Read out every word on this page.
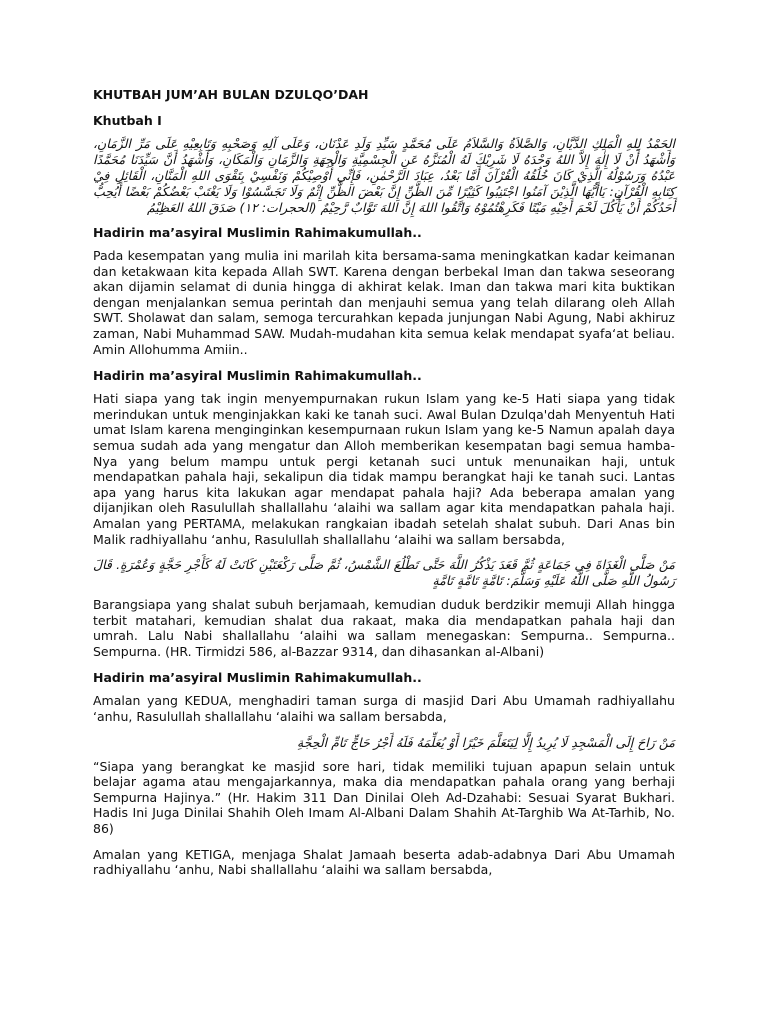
KHUTBAH JUM’AH BULAN DZULQO’DAH
Khutbah I
الحَمْدُ لِلهِ الْمَلِكِ الدَّيَّانِ، وَالصَّلاَةُ وَالسَّلاَمُ عَلَى مُحَمَّدٍ سَيِّدِ وَلَدِ عَدْنَان، وَعَلَى آلِهِ وَصَحْبِهِ وَتَابِعِيْهِ عَلَى مَرِّ الزَّمَانِ، وَأَشْهَدُ أَنْ لَا إِلٰهَ إِلاَّ اللهُ وَحْدَهُ لَا شَرِيْكَ لَهُ الْمُنَزَّهُ عَنِ الْجِسْمِيَّةِ وَالْجِهَةِ وَالزَّمَانِ وَالْمَكَانِ، وَأَشْهَدُ أَنَّ سَيِّدَنَا مُحَمَّدًا عَبْدُهُ وَرَسُوْلُهُ الَّذِيْ كَانَ خُلُقُهُ الْقُرْآنَ أَمَّا بَعْدُ، عِبَادَ الرَّحْمٰنِ، فَإِنِّي أُوْصِيْكُمْ وَنَفْسِيْ بِتَقْوَى اللهِ الْمَنَّانِ، الْقَائِلِ فِيْ كِتَابِهِ الْقُرْآنِ: يَاأَيُّهَا الَّذِيْنَ آمَنُوا اجْتَنِبُوا كَثِيْرًا مِّنَ الظَّنِّ إِنَّ بَعْضَ الظَّنِّ إِثْمٌ وَلَا تَجَسَّسُوْا وَلَا يَغْتَبْ بَعْضُكُمْ بَعْضًا أَيُحِبُّ أَحَدُكُمْ أَنْ يَأْكُلَ لَحْمَ أَخِيْهِ مَيْتًا فَكَرِهْتُمُوْهُ وَاتَّقُوا اللهَ إِنَّ اللهَ تَوَّابٌ رَّحِيْمٌ (الحجرات: ١٢) صَدَقَ اللهُ العَظِيْمُ
Hadirin ma’asyiral Muslimin Rahimakumullah..
Pada kesempatan yang mulia ini marilah kita bersama-sama meningkatkan kadar keimanan dan ketakwaan kita kepada Allah SWT. Karena dengan berbekal Iman dan takwa seseorang akan dijamin selamat di dunia hingga di akhirat kelak. Iman dan takwa mari kita buktikan dengan menjalankan semua perintah dan menjauhi semua yang telah dilarang oleh Allah SWT. Sholawat dan salam, semoga tercurahkan kepada junjungan Nabi Agung, Nabi akhiruz zaman, Nabi Muhammad SAW. Mudah-mudahan kita semua kelak mendapat syafa‘at beliau. Amin Allohumma Amiin..
Hadirin ma’asyiral Muslimin Rahimakumullah..
Hati siapa yang tak ingin menyempurnakan rukun Islam yang ke-5 Hati siapa yang tidak merindukan untuk menginjakkan kaki ke tanah suci. Awal Bulan Dzulqa'dah Menyentuh Hati umat Islam karena menginginkan kesempurnaan rukun Islam yang ke-5 Namun apalah daya semua sudah ada yang mengatur dan Alloh memberikan kesempatan bagi semua hamba-Nya yang belum mampu untuk pergi ketanah suci untuk menunaikan haji, untuk mendapatkan pahala haji, sekalipun dia tidak mampu berangkat haji ke tanah suci. Lantas apa yang harus kita lakukan agar mendapat pahala haji? Ada beberapa amalan yang dijanjikan oleh Rasulullah shallallahu ‘alaihi wa sallam agar kita mendapatkan pahala haji. Amalan yang PERTAMA, melakukan rangkaian ibadah setelah shalat subuh. Dari Anas bin Malik radhiyallahu ‘anhu, Rasulullah shallallahu ‘alaihi wa sallam bersabda,
مَنْ صَلَّى الْغَدَاةَ فِي جَمَاعَةٍ ثُمَّ قَعَدَ يَذْكُرُ اللَّهَ حَتَّى تَطْلُعَ الشَّمْسُ، ثُمَّ صَلَّى رَكْعَتَيْنِ كَانَتْ لَهُ كَأَجْرِ حَجَّةٍ وَعُمْرَةٍ. قَالَ رَسُولُ اللَّهِ صَلَّى اللَّهُ عَلَيْهِ وَسَلَّمَ: تَامَّةٍ تَامَّةٍ تَامَّةٍ
Barangsiapa yang shalat subuh berjamaah, kemudian duduk berdzikir memuji Allah hingga terbit matahari, kemudian shalat dua rakaat, maka dia mendapatkan pahala haji dan umrah. Lalu Nabi shallallahu ‘alaihi wa sallam menegaskan: Sempurna.. Sempurna.. Sempurna. (HR. Tirmidzi 586, al-Bazzar 9314, dan dihasankan al-Albani)
Hadirin ma’asyiral Muslimin Rahimakumullah..
Amalan yang KEDUA, menghadiri taman surga di masjid Dari Abu Umamah radhiyallahu ‘anhu, Rasulullah shallallahu ‘alaihi wa sallam bersabda,
مَنْ رَاحَ إِلَى الْمَسْجِدِ لَا يُرِيدُ إِلَّا لِيَتَعَلَّمَ خَيْرًا أَوْ يُعَلِّمَهُ فَلَهُ أَجْرُ حَاجٍّ تَامِّ الْحِجَّةِ
“Siapa yang berangkat ke masjid sore hari, tidak memiliki tujuan apapun selain untuk belajar agama atau mengajarkannya, maka dia mendapatkan pahala orang yang berhaji Sempurna Hajinya.” (Hr. Hakim 311 Dan Dinilai Oleh Ad-Dzahabi: Sesuai Syarat Bukhari. Hadis Ini Juga Dinilai Shahih Oleh Imam Al-Albani Dalam Shahih At-Targhib Wa At-Tarhib, No. 86)
Amalan yang KETIGA, menjaga Shalat Jamaah beserta adab-adabnya Dari Abu Umamah radhiyallahu ‘anhu, Nabi shallallahu ‘alaihi wa sallam bersabda,
